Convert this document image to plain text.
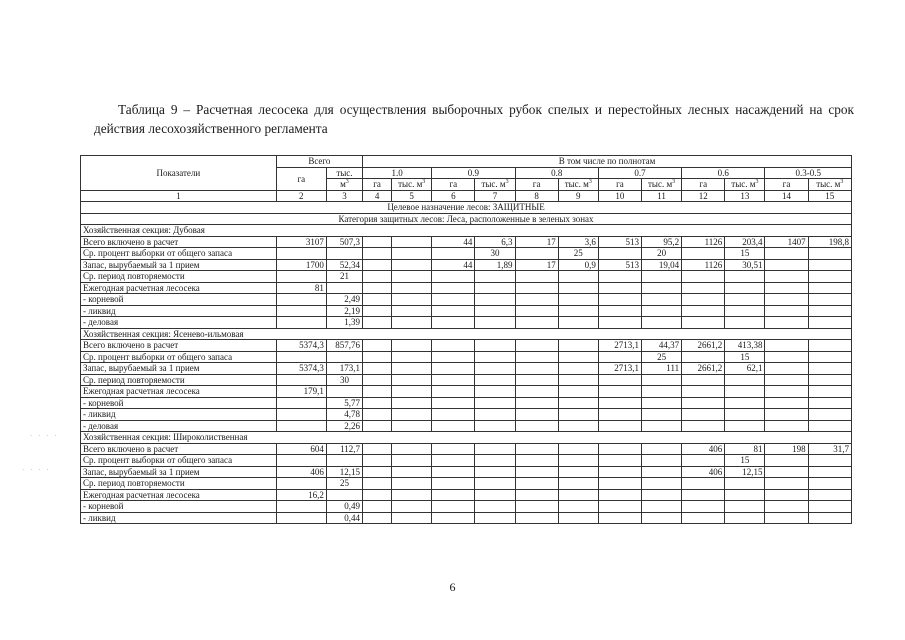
Таблица 9 – Расчетная лесосека для осуществления выборочных рубок спелых и перестойных лесных насаждений на срок действия лесохозяйственного регламента
Показатели	Всего		В том числе по полнотам											
	га	тыс.	1.0		0.9		0.8		0.7		0.6		0.3-0.5	
		$м^3$	га	тыс. $м^3$	га	тыс. $м^3$	га	тыс. $м^3$	га	тыс. $м^3$	га	тыс. $м^3$	га	тыс. $м^3$
1	2	3	4	5	6	7	8	9	10	11	12	13	14	15
Целевое назначение лесов: ЗАЩИТНЫЕ														
Категория защитных лесов: Леса, расположенные в зеленых зонах														
Хозяйственная секция: Дубовая														
Всего включено в расчет	3107	507,3			44	6,3	17	3,6	513	95,2	1126	203,4	1407	198,8
Ср. процент выборки от общего запаса						30		25		20		15		
Запас, вырубаемый за 1 прием	1700	52,34			44	1,89	17	0,9	513	19,04	1126	30,51		
Ср. период повторяемости		21												
Ежегодная расчетная лесосека	81													
- корневой		2,49												
- ликвид		2,19												
- деловая		1,39												
Хозяйственная секция: Ясенево-ильмовая														
Всего включено в расчет	5374,3	857,76							2713,1	44,37	2661,2	413,38		
Ср. процент выборки от общего запаса										25		15		
Запас, вырубаемый за 1 прием	5374,3	173,1							2713,1	111	2661,2	62,1		
Ср. период повторяемости		30												
Ежегодная расчетная лесосека	179,1													
- корневой		5,77												
- ликвид		4,78												
- деловая		2,26												
Хозяйственная секция: Широколиственная														
Всего включено в расчет	604	112,7									406	81	198	31,7
Ср. процент выборки от общего запаса												15		
Запас, вырубаемый за 1 прием	406	12,15									406	12,15		
Ср. период повторяемости		25												
Ежегодная расчетная лесосека	16,2													
- корневой		0,49												
- ликвид		0,44												
6
· · · ·
· · · ·
